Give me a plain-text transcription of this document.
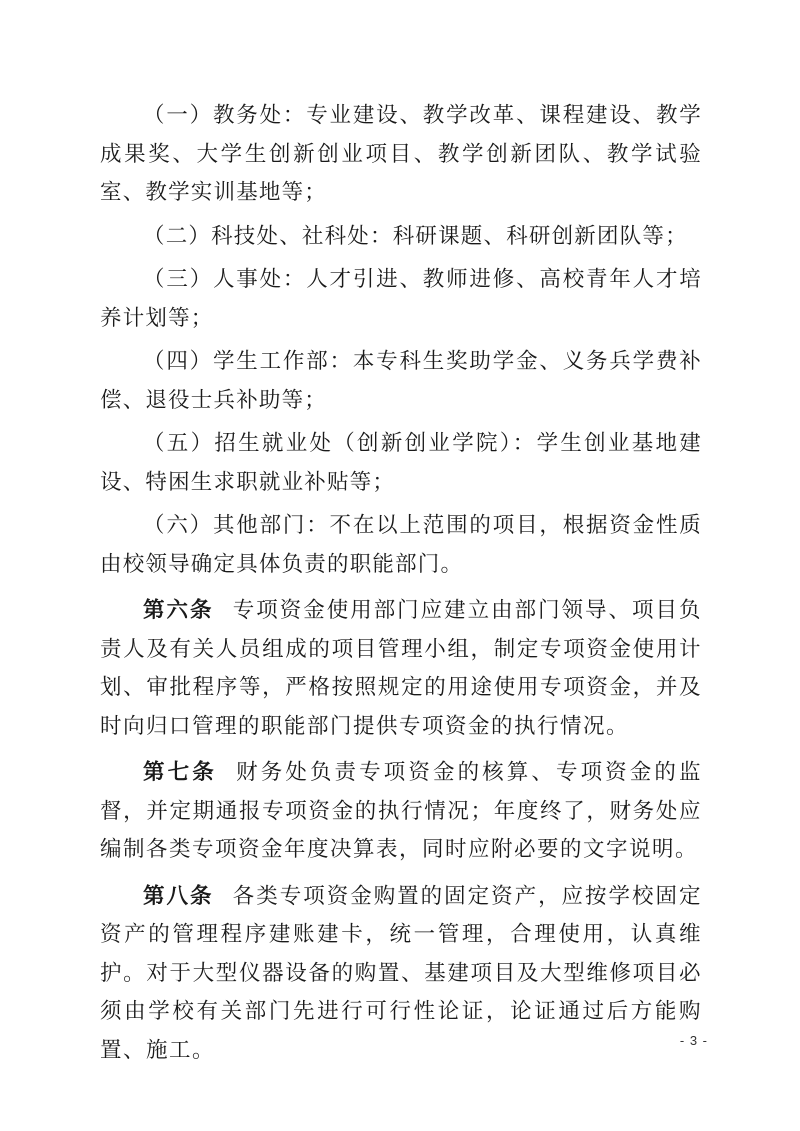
（一）教务处：专业建设、教学改革、课程建设、教学成果奖、大学生创新创业项目、教学创新团队、教学试验室、教学实训基地等；

（二）科技处、社科处：科研课题、科研创新团队等；

（三）人事处：人才引进、教师进修、高校青年人才培养计划等；

（四）学生工作部：本专科生奖助学金、义务兵学费补偿、退役士兵补助等；

（五）招生就业处（创新创业学院）：学生创业基地建设、特困生求职就业补贴等；

（六）其他部门：不在以上范围的项目，根据资金性质由校领导确定具体负责的职能部门。

第六条 专项资金使用部门应建立由部门领导、项目负责人及有关人员组成的项目管理小组，制定专项资金使用计划、审批程序等，严格按照规定的用途使用专项资金，并及时向归口管理的职能部门提供专项资金的执行情况。

第七条 财务处负责专项资金的核算、专项资金的监督，并定期通报专项资金的执行情况；年度终了，财务处应编制各类专项资金年度决算表，同时应附必要的文字说明。

第八条 各类专项资金购置的固定资产，应按学校固定资产的管理程序建账建卡，统一管理，合理使用，认真维护。对于大型仪器设备的购置、基建项目及大型维修项目必须由学校有关部门先进行可行性论证，论证通过后方能购置、施工。	- 3 -
